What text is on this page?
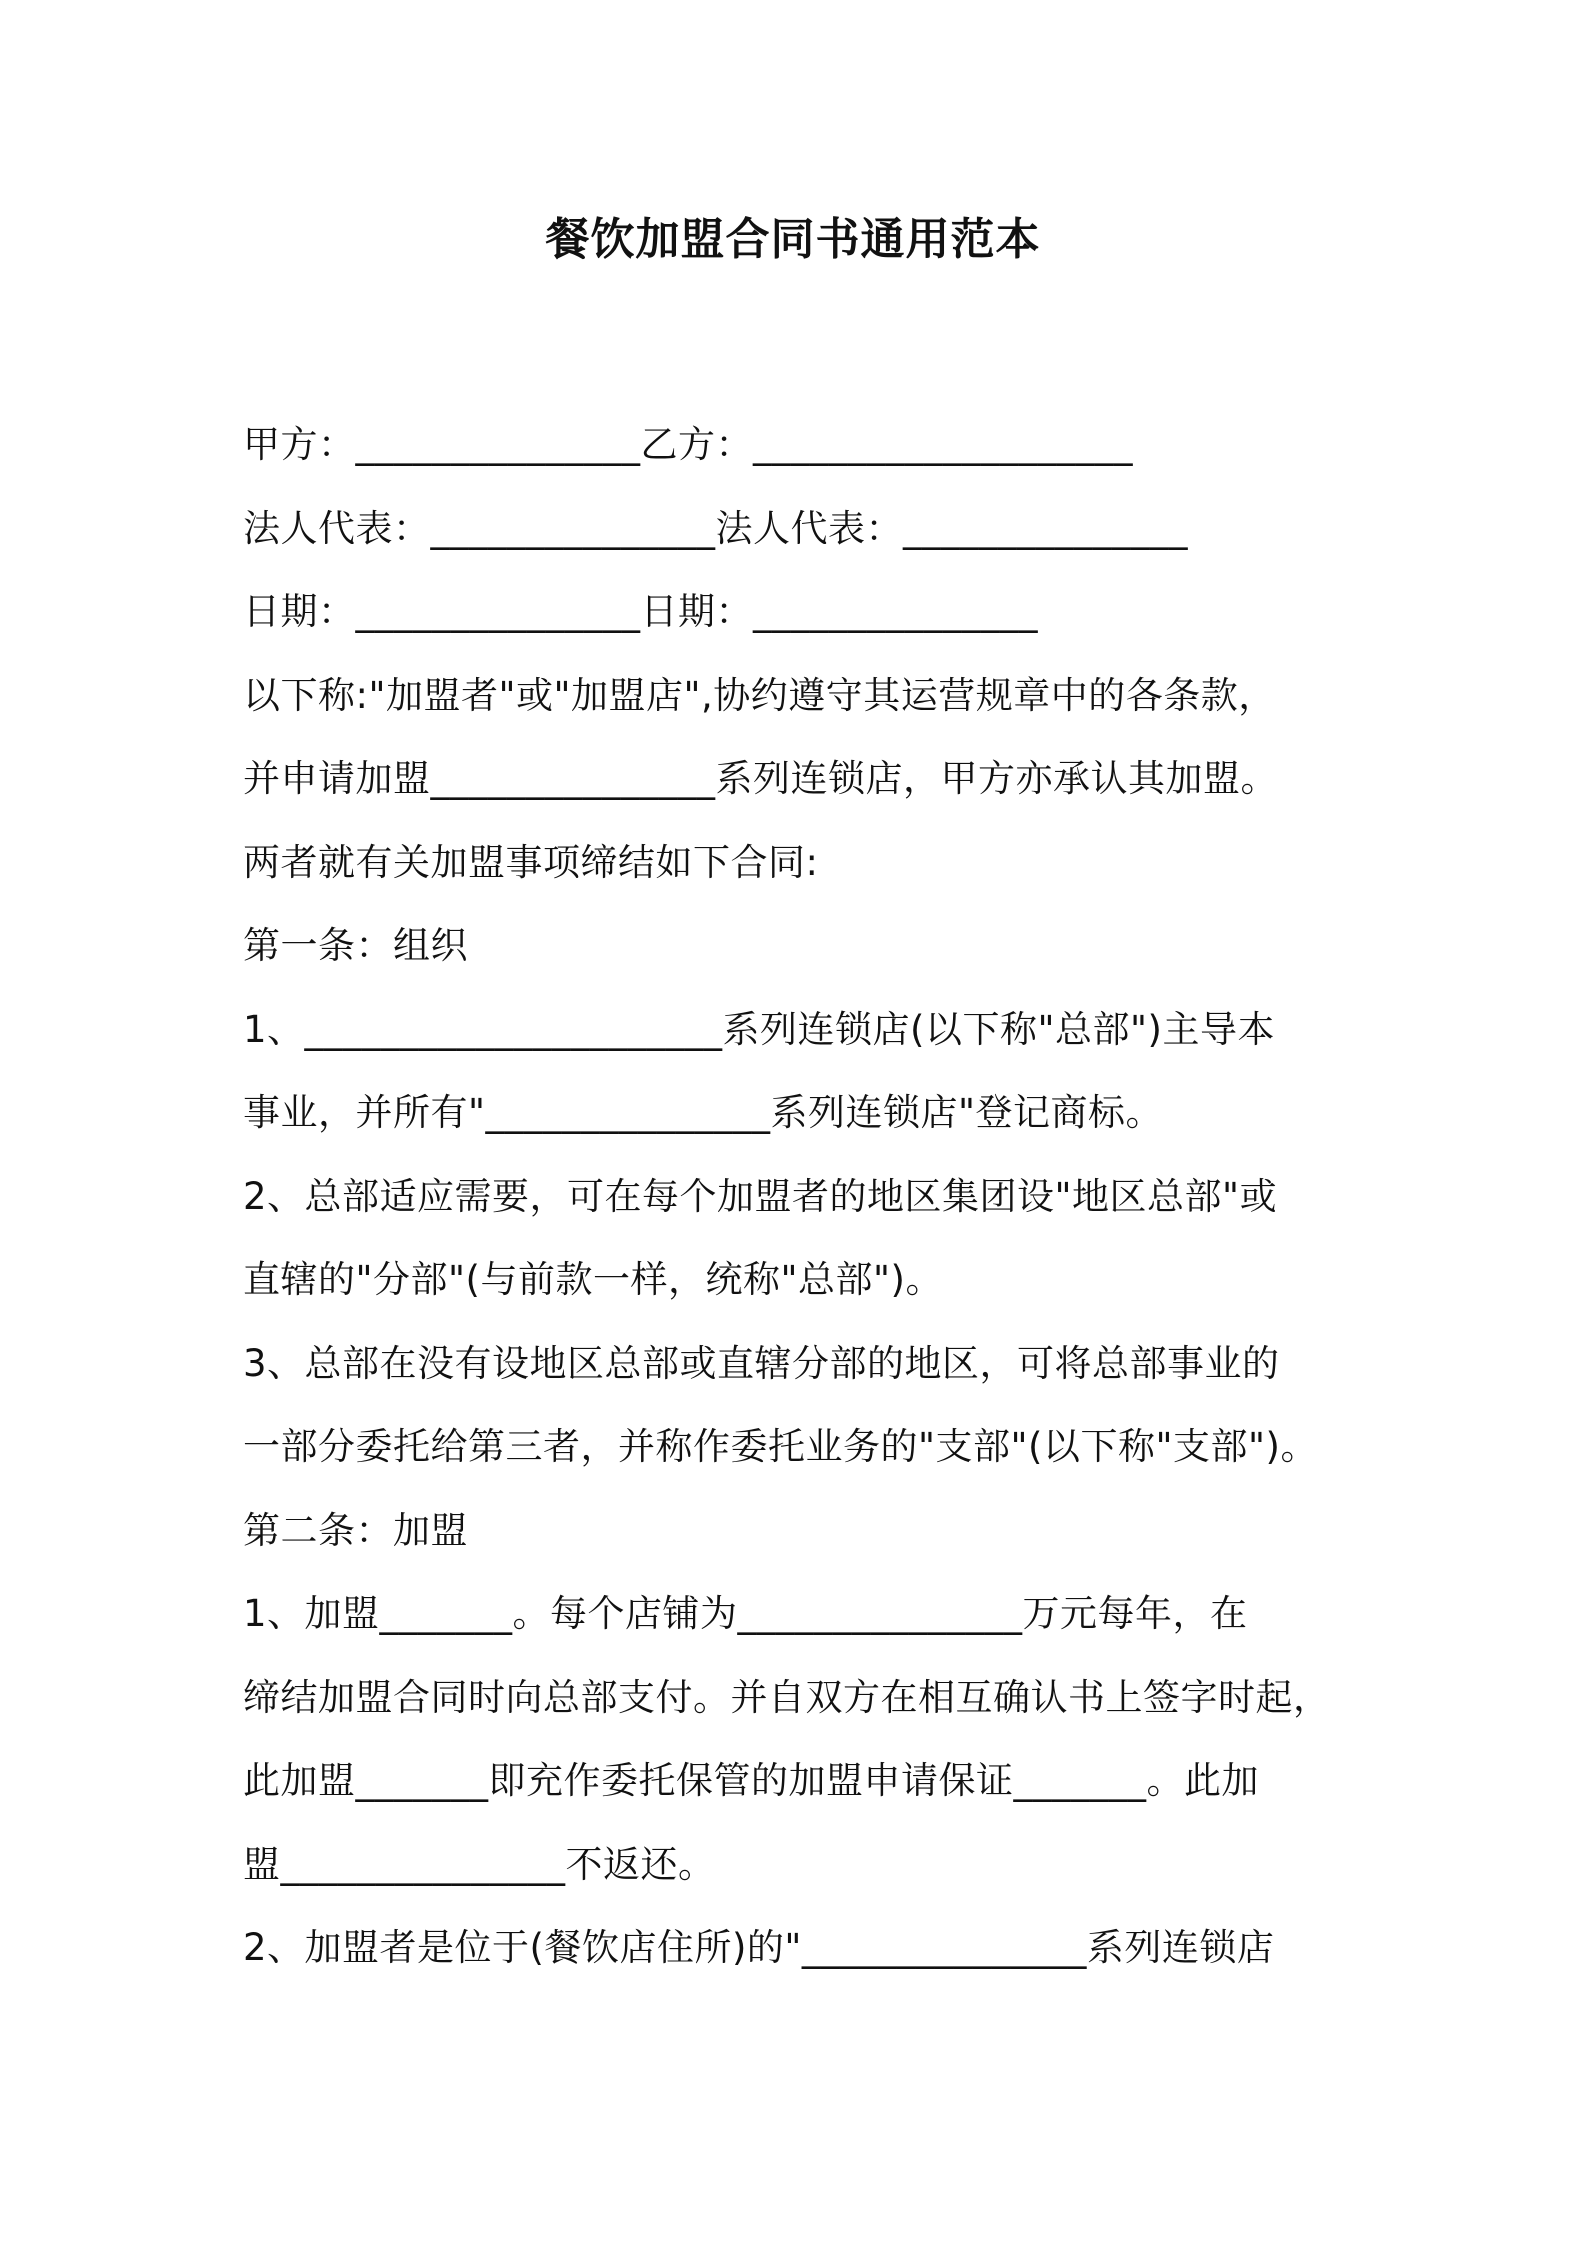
餐饮加盟合同书通用范本
甲方：_______________乙方：____________________
法人代表：_______________法人代表：_______________
日期：_______________日期：_______________
以下称:"加盟者"或"加盟店",协约遵守其运营规章中的各条款，
并申请加盟_______________系列连锁店，甲方亦承认其加盟。
两者就有关加盟事项缔结如下合同:
第一条：组织
1、______________________系列连锁店(以下称"总部")主导本
事业，并所有"_______________系列连锁店"登记商标。
2、总部适应需要，可在每个加盟者的地区集团设"地区总部"或
直辖的"分部"(与前款一样，统称"总部")。
3、总部在没有设地区总部或直辖分部的地区，可将总部事业的
一部分委托给第三者，并称作委托业务的"支部"(以下称"支部")。
第二条：加盟
1、加盟_______。每个店铺为_______________万元每年，在
缔结加盟合同时向总部支付。并自双方在相互确认书上签字时起，
此加盟_______即充作委托保管的加盟申请保证_______。此加
盟_______________不返还。
2、加盟者是位于(餐饮店住所)的"_______________系列连锁店
